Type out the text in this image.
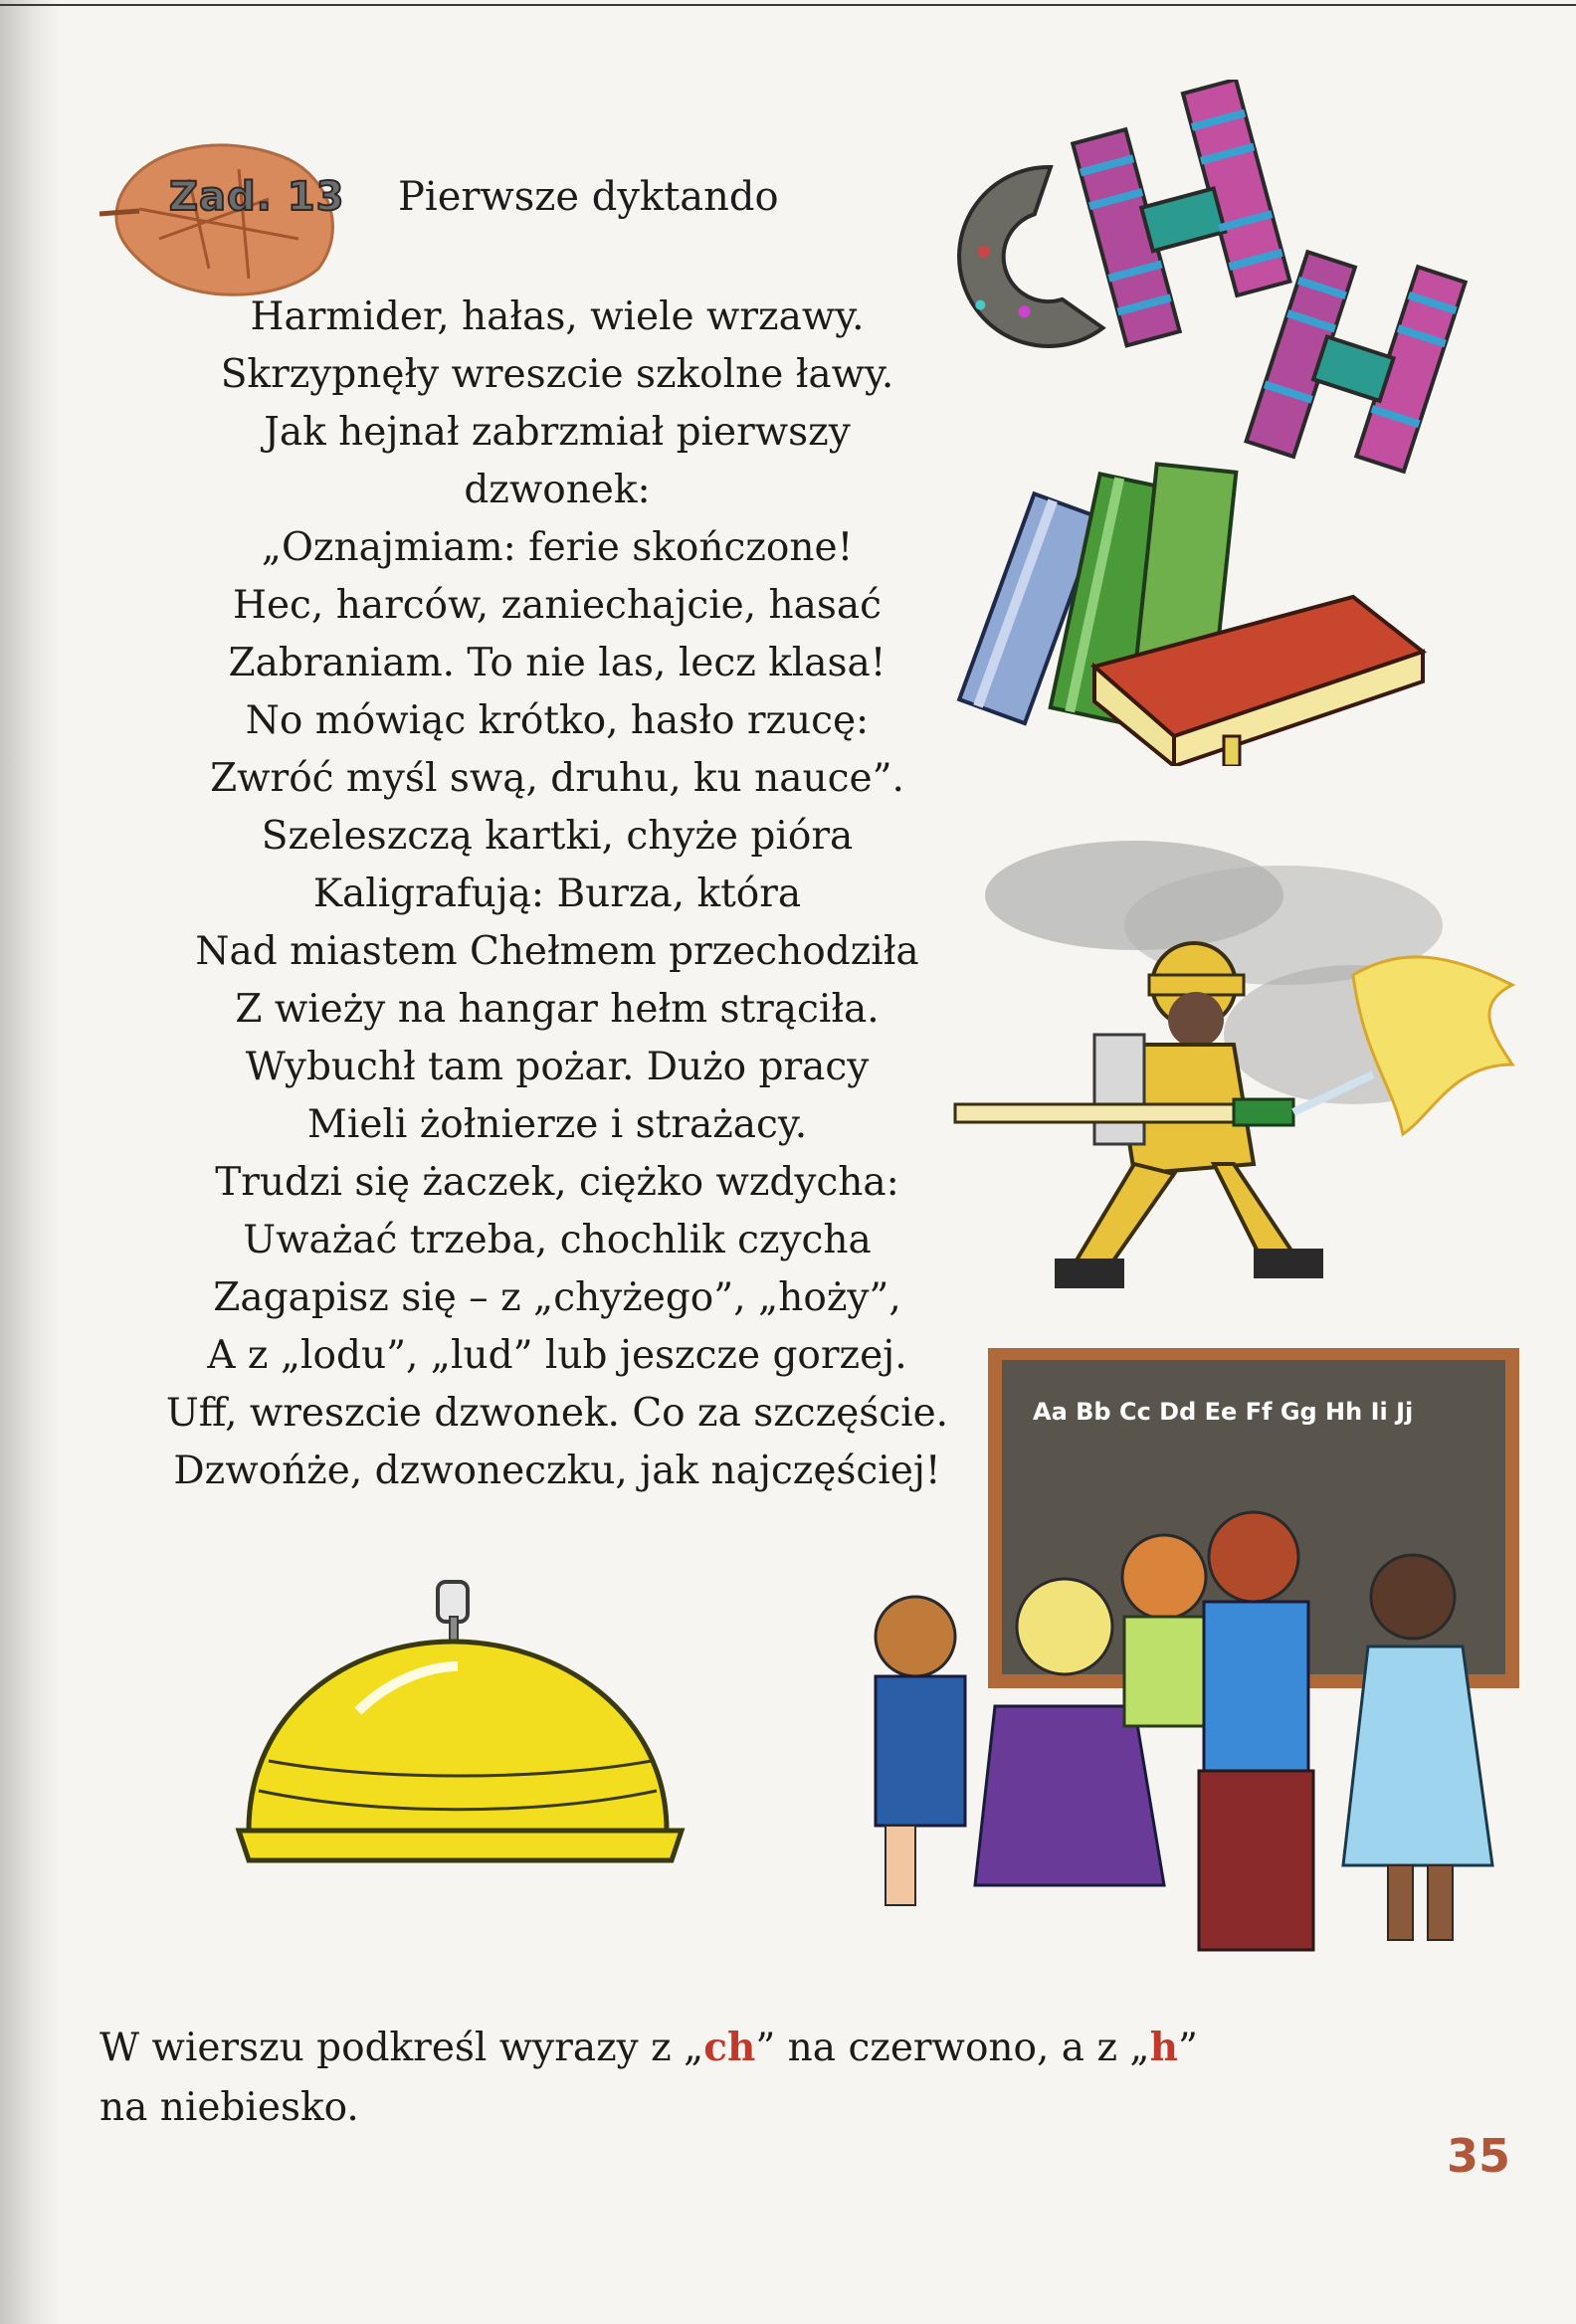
Zad. 13 Pierwsze dyktando
Harmider, hałas, wiele wrzawy.
Skrzypnęły wreszcie szkolne ławy.
Jak hejnał zabrzmiał pierwszy
dzwonek:
„Oznajmiam: ferie skończone!
Hec, harców, zaniechajcie, hasać
Zabraniam. To nie las, lecz klasa!
No mówiąc krótko, hasło rzucę:
Zwróć myśl swą, druhu, ku nauce”.
Szeleszczą kartki, chyże pióra
Kaligrafują: Burza, która
Nad miastem Chełmem przechodziła
Z wieży na hangar hełm strąciła.
Wybuchł tam pożar. Dużo pracy
Mieli żołnierze i strażacy.
Trudzi się żaczek, ciężko wzdycha:
Uważać trzeba, chochlik czycha
Zagapisz się – z „chyżego”, „hoży”,
A z „lodu”, „lud” lub jeszcze gorzej.
Uff, wreszcie dzwonek. Co za szczęście.
Dzwońże, dzwoneczku, jak najczęściej!
H
Aa Bb Cc Dd Ee Ff Gg Hh Ii Jj
W wierszu podkreśl wyrazy z „ch” na czerwono, a z „h”
na niebiesko.
35
